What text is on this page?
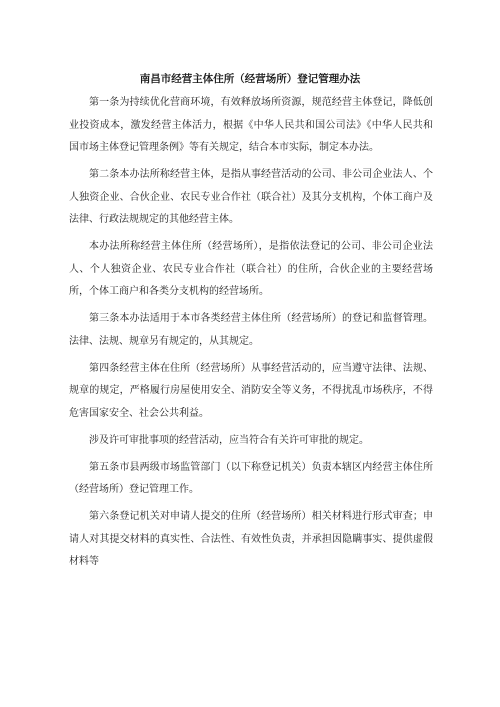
南昌市经营主体住所（经营场所）登记管理办法

第一条为持续优化营商环境，有效释放场所资源，规范经营主体登记，降低创业投资成本，激发经营主体活力，根据《中华人民共和国公司法》《中华人民共和国市场主体登记管理条例》等有关规定，结合本市实际，制定本办法。

第二条本办法所称经营主体，是指从事经营活动的公司、非公司企业法人、个人独资企业、合伙企业、农民专业合作社（联合社）及其分支机构，个体工商户及法律、行政法规规定的其他经营主体。

本办法所称经营主体住所（经营场所），是指依法登记的公司、非公司企业法人、个人独资企业、农民专业合作社（联合社）的住所，合伙企业的主要经营场所，个体工商户和各类分支机构的经营场所。

第三条本办法适用于本市各类经营主体住所（经营场所）的登记和监督管理。法律、法规、规章另有规定的，从其规定。

第四条经营主体在住所（经营场所）从事经营活动的，应当遵守法律、法规、规章的规定，严格履行房屋使用安全、消防安全等义务，不得扰乱市场秩序，不得危害国家安全、社会公共利益。

涉及许可审批事项的经营活动，应当符合有关许可审批的规定。

第五条市县两级市场监管部门（以下称登记机关）负责本辖区内经营主体住所（经营场所）登记管理工作。

第六条登记机关对申请人提交的住所（经营场所）相关材料进行形式审查；申请人对其提交材料的真实性、合法性、有效性负责，并承担因隐瞒事实、提供虚假材料等
